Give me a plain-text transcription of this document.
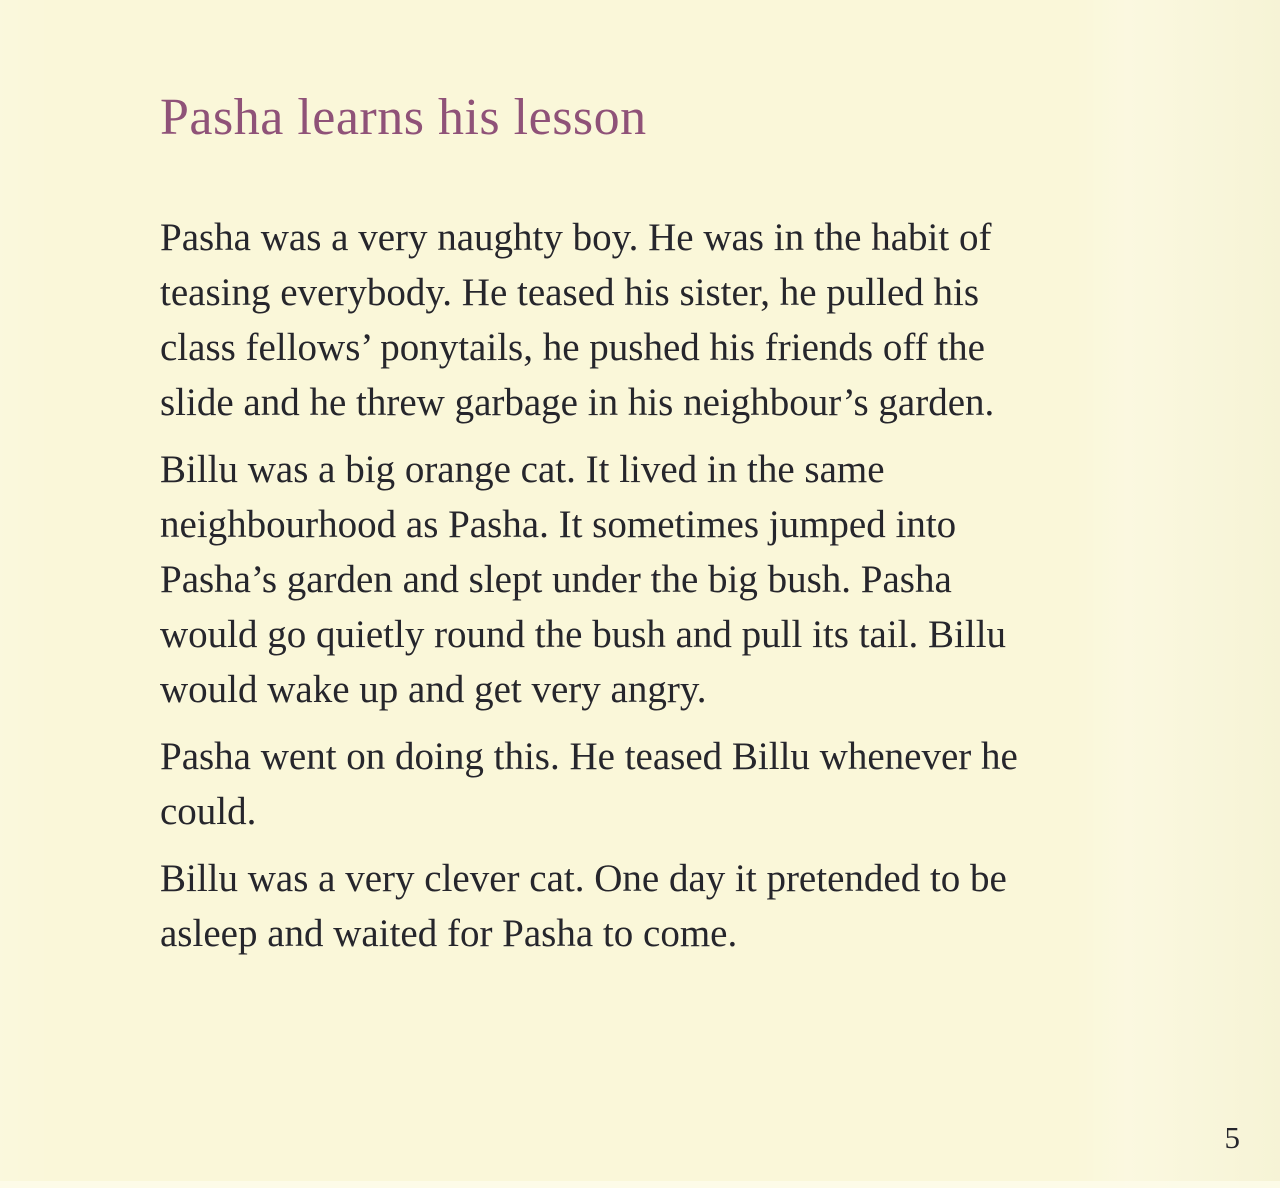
Pasha learns his lesson
Pasha was a very naughty boy. He was in the habit of
teasing everybody. He teased his sister, he pulled his
class fellows’ ponytails, he pushed his friends off the
slide and he threw garbage in his neighbour’s garden.
Billu was a big orange cat. It lived in the same
neighbourhood as Pasha. It sometimes jumped into
Pasha’s garden and slept under the big bush. Pasha
would go quietly round the bush and pull its tail. Billu
would wake up and get very angry.
Pasha went on doing this. He teased Billu whenever he
could.
Billu was a very clever cat. One day it pretended to be
asleep and waited for Pasha to come.
5
